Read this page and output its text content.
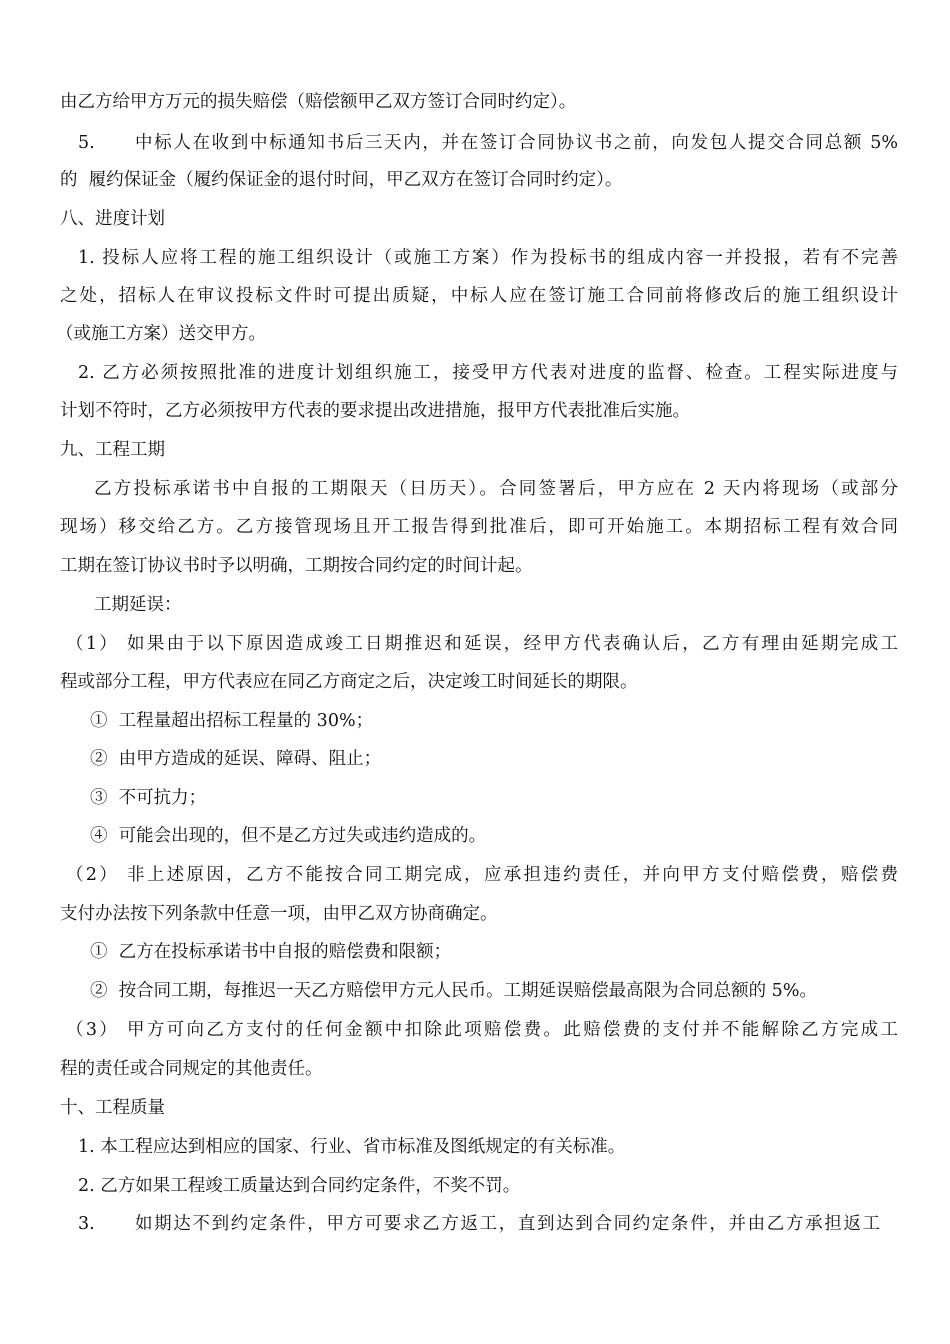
由乙方给甲方万元的损失赔偿（赔偿额甲乙双方签订合同时约定）。
5. 中标人在收到中标通知书后三天内，并在签订合同协议书之前，向发包人提交合同总额 5%
的  履约保证金（履约保证金的退付时间，甲乙双方在签订合同时约定）。
八、进度计划
1. 投标人应将工程的施工组织设计（或施工方案）作为投标书的组成内容一并投报，若有不完善
之处，招标人在审议投标文件时可提出质疑，中标人应在签订施工合同前将修改后的施工组织设计
（或施工方案）送交甲方。
2. 乙方必须按照批准的进度计划组织施工，接受甲方代表对进度的监督、检查。工程实际进度与
计划不符时，乙方必须按甲方代表的要求提出改进措施，报甲方代表批准后实施。
九、工程工期
乙方投标承诺书中自报的工期限天（日历天）。合同签署后，甲方应在 2 天内将现场（或部分
现场）移交给乙方。乙方接管现场且开工报告得到批准后，即可开始施工。本期招标工程有效合同
工期在签订协议书时予以明确，工期按合同约定的时间计起。
工期延误：
（1） 如果由于以下原因造成竣工日期推迟和延误，经甲方代表确认后，乙方有理由延期完成工
程或部分工程，甲方代表应在同乙方商定之后，决定竣工时间延长的期限。
①  工程量超出招标工程量的 30%；
②  由甲方造成的延误、障碍、阻止；
③  不可抗力；
④  可能会出现的，但不是乙方过失或违约造成的。
（2） 非上述原因，乙方不能按合同工期完成，应承担违约责任，并向甲方支付赔偿费，赔偿费
支付办法按下列条款中任意一项，由甲乙双方协商确定。
①  乙方在投标承诺书中自报的赔偿费和限额；
②  按合同工期，每推迟一天乙方赔偿甲方元人民币。工期延误赔偿最高限为合同总额的 5%。
（3） 甲方可向乙方支付的任何金额中扣除此项赔偿费。此赔偿费的支付并不能解除乙方完成工
程的责任或合同规定的其他责任。
十、工程质量
1. 本工程应达到相应的国家、行业、省市标准及图纸规定的有关标准。
2. 乙方如果工程竣工质量达到合同约定条件，不奖不罚。
3. 如期达不到约定条件，甲方可要求乙方返工，直到达到合同约定条件，并由乙方承担返工
